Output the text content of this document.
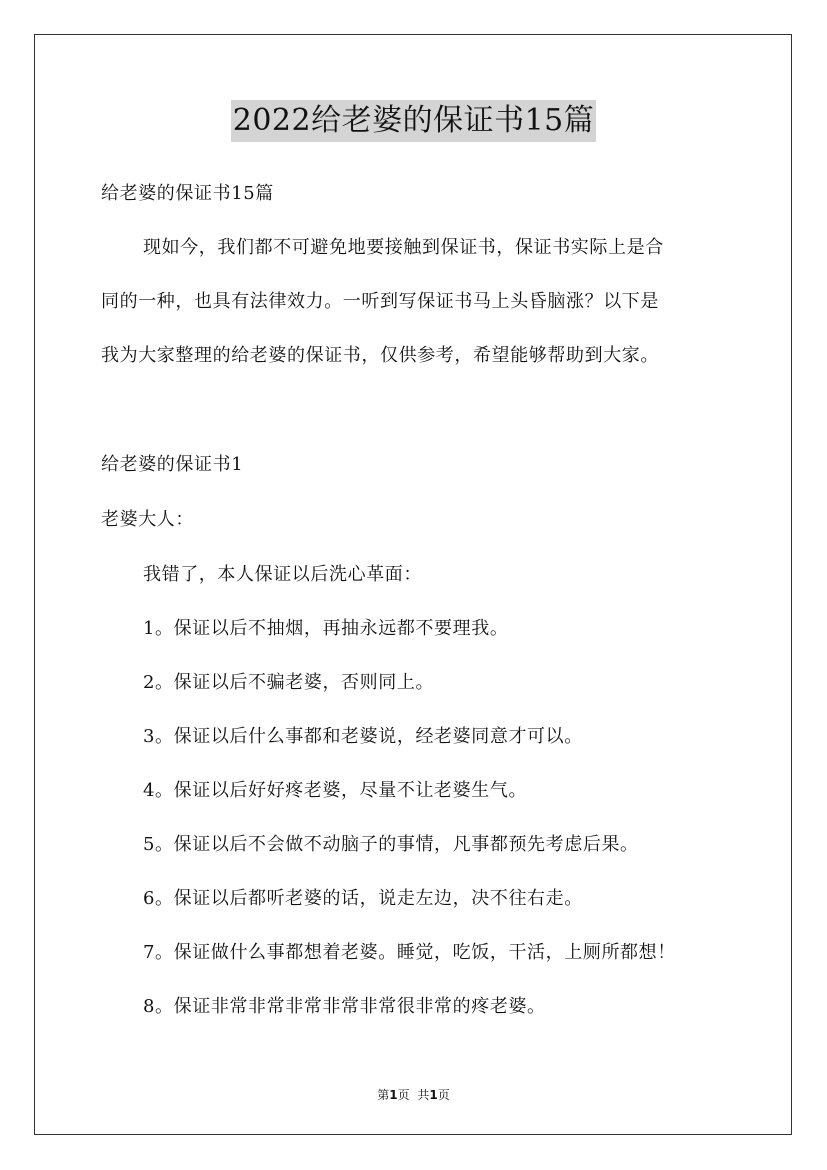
2022给老婆的保证书15篇

给老婆的保证书15篇

现如今，我们都不可避免地要接触到保证书，保证书实际上是合

同的一种，也具有法律效力。一听到写保证书马上头昏脑涨？以下是

我为大家整理的给老婆的保证书，仅供参考，希望能够帮助到大家。

给老婆的保证书1

老婆大人：

我错了，本人保证以后洗心革面：

1。保证以后不抽烟，再抽永远都不要理我。

2。保证以后不骗老婆，否则同上。

3。保证以后什么事都和老婆说，经老婆同意才可以。

4。保证以后好好疼老婆，尽量不让老婆生气。

5。保证以后不会做不动脑子的事情，凡事都预先考虑后果。

6。保证以后都听老婆的话，说走左边，决不往右走。

7。保证做什么事都想着老婆。睡觉，吃饭，干活，上厕所都想！

8。保证非常非常非常非常非常很非常的疼老婆。

第1页 共1页
